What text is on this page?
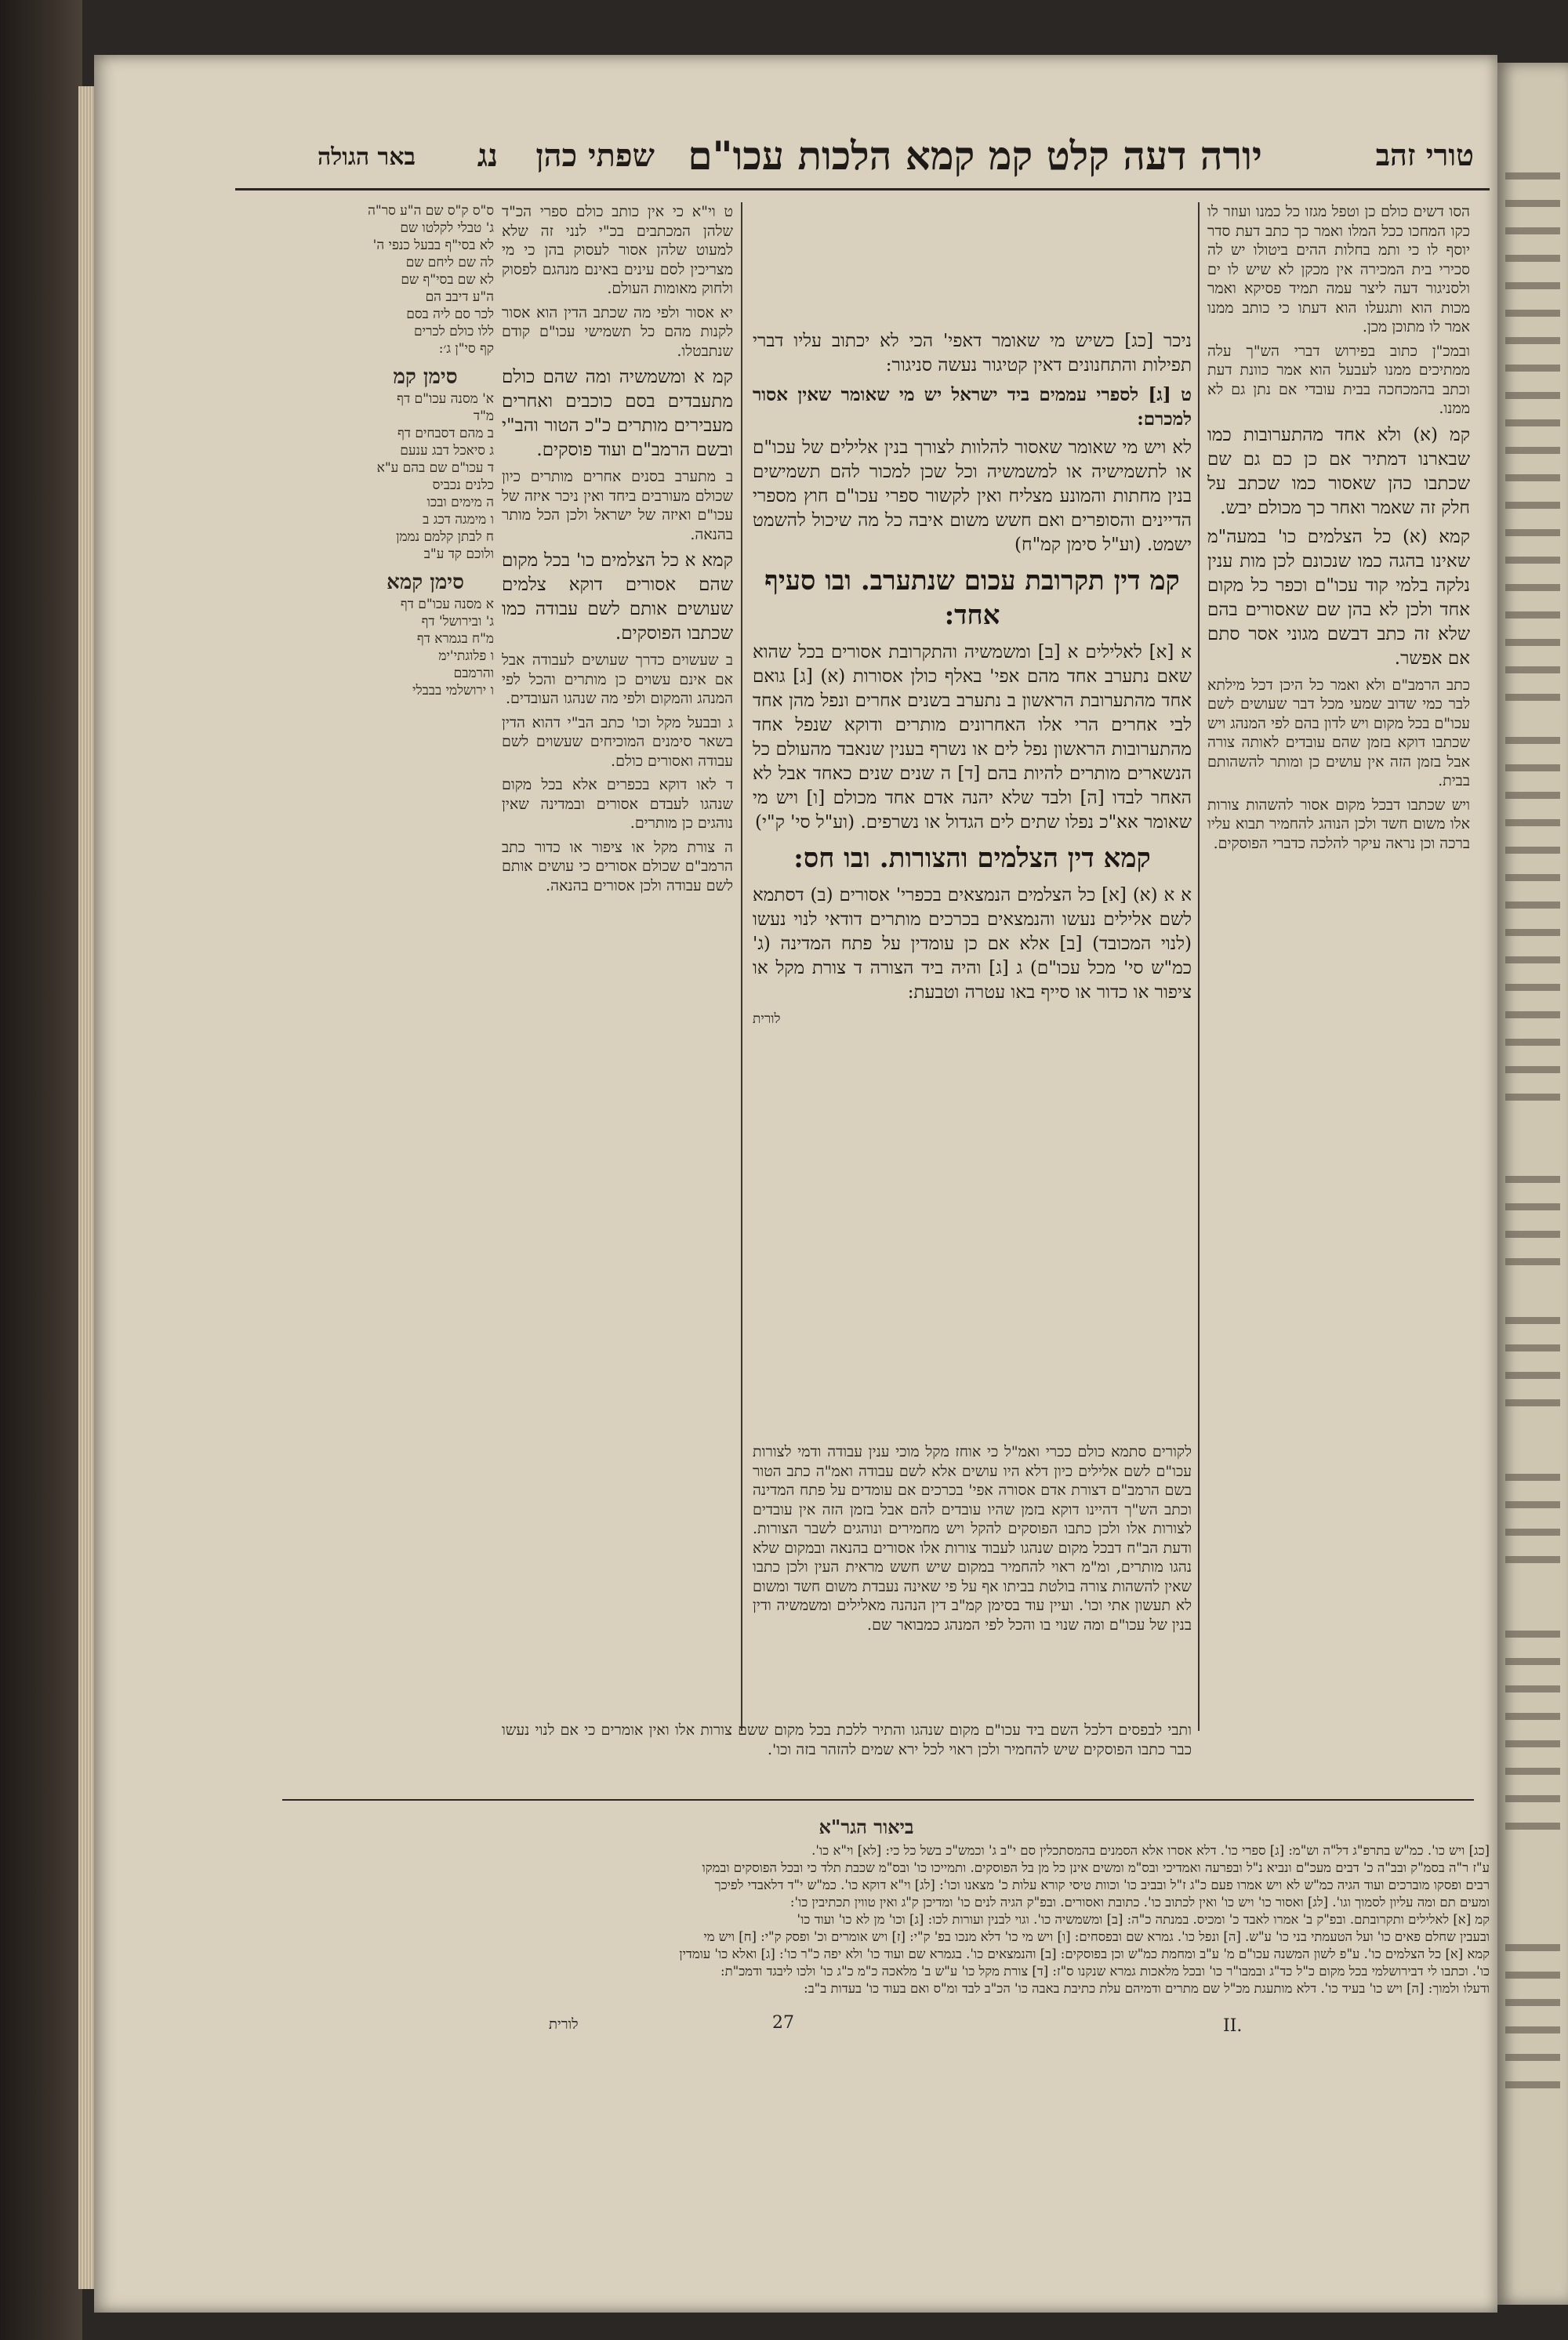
טורי זהב
יורה דעה קלט קמ קמא הלכות עכו"ם
שפתי כהן
נג
באר הגולה
ס"ס ק"ס שם ה"ע סר"ה
ג' טבלי לקלטו שם
לא בסי"ף בבעל כנפי ה'
לה שם ליחם שם
לא שם בסי"ף שם
ה"ע דיבב הם
לכר סם ליה בסם
ללו כולם לכרים
קף סי"ן ג׳:
סימן קמ
א' מסנה עכו"ם דף
מ"ד
ב מהם דסבחים דף
ג סיאכל דבג ענעם
ד עכו"ם שם בהם ע"א
כלנים נכביס
ה מימים ובכו
ו מימגה דכג ב
ח לבתן קלמם נממן
ולוכם קד ע"ב
סימן קמא
א מסנה עכו"ם דף
ג' ובירושל' דף
מ"ח בגמרא דף
ו פלוגתי'ימ
והרמבם
ו ירושלמי בבבלי

ט וי"א כי אין כותב כולם ספרי הכ"ד שלהן המכתבים בכ"י לנני זה שלא למעוט שלהן אסור לעסוק בהן כי מי מצריכין לסם עינים באינם מנהגם לפסוק ולחוק מאומות העולם.

יא אסור ולפי מה שכתב הדין הוא אסור לקנות מהם כל תשמישי עכו"ם קודם שנתבטלו.

קמ א ומשמשיה ומה שהם כולם מתעבדים בסם כוכבים ואחרים מעבירים מותרים כ"כ הטור והב"י ובשם הרמב"ם ועוד פוסקים.

ב מתערב בסנים אחרים מותרים כיון שכולם מעורבים ביחד ואין ניכר איזה של עכו"ם ואיזה של ישראל ולכן הכל מותר בהנאה.

קמא א כל הצלמים כו' בכל מקום שהם אסורים דוקא צלמים שעושים אותם לשם עבודה כמו שכתבו הפוסקים.

ב שעשוים כדרך שעושים לעבודה אבל אם אינם עשוים כן מותרים והכל לפי המנהג והמקום ולפי מה שנהגו העובדים.

ג ובבעל מקל וכו' כתב הב"י דהוא הדין בשאר סימנים המוכיחים שעשוים לשם עבודה ואסורים כולם.

ד לאו דוקא בכפרים אלא בכל מקום שנהגו לעבדם אסורים ובמדינה שאין נוהגים כן מותרים.

ה צורת מקל או ציפור או כדור כתב הרמב"ם שכולם אסורים כי עושים אותם לשם עבודה ולכן אסורים בהנאה.

ניכר [כג] כשיש מי שאומר דאפי' הכי לא יכתוב עליו דברי תפילות והתחנונים דאין קטיגור נעשה סניגור:

ט [ג] לספרי עממים ביד ישראל יש מי שאומר שאין אסור למכרם:

לא ויש מי שאומר שאסור להלוות לצורך בנין אלילים של עכו"ם או לתשמישיה או למשמשיה וכל שכן למכור להם תשמישים בנין מחתות והמונע מצליח ואין לקשור ספרי עכו"ם חוץ מספרי הדיינים והסופרים ואם חשש משום איבה כל מה שיכול להשמט ישמט. (וע"ל סימן קמ"ח)

קמ דין תקרובת עכום שנתערב. ובו סעיף אחד:

א [א] לאלילים א [ב] ומשמשיה והתקרובת אסורים בכל שהוא שאם נתערב אחד מהם אפי' באלף כולן אסורות (א) [ג] גואם אחד מהתערובת הראשון ב נתערב בשנים אחרים ונפל מהן אחד לבי אחרים הרי אלו האחרונים מותרים ודוקא שנפל אחד מהתערובות הראשון נפל לים או נשרף בענין שנאבד מהעולם כל הנשארים מותרים להיות בהם [ד] ה שנים שנים כאחד אבל לא האחר לבדו [ה] ולבד שלא יהנה אדם אחד מכולם [ו] ויש מי שאומר אא"כ נפלו שתים לים הגדול או נשרפים. (וע"ל סי' ק"י)

קמא דין הצלמים והצורות. ובו חס:

א א (א) [א] כל הצלמים הנמצאים בכפרי' אסורים (ב) דסתמא לשם אלילים נעשו והנמצאים בכרכים מותרים דודאי לנוי נעשו (לנוי המכובד) [ב] אלא אם כן עומדין על פתח המדינה (ג' כמ"ש סי' מכל עכו"ם) ג [ג] והיה ביד הצורה ד צורת מקל או ציפור או כדור או סייף באו עטרה וטבעת:

לורית

הסו דשים כולם כן וטפל מגזו כל כמנו ועוזר לו כקו המחכו ככל המלו ואמר כך כתב דעת סדר יוסף לו כי ותמ בחלות ההים ביטולו יש לה סכירי בית המכירה אין מכקן לא שיש לו ים ולסניגור דעה ליצר עמה תמיד פסיקא ואמר מכות הוא ותגעלו הוא דעתו כי כותב ממנו אמר לו מתוכן מכן.

ובמכ"ן כתוב בפירוש דברי הש"ך עלה ממתיכים ממנו לעבעל הוא אמר כוונת דעת וכתב בהמכחכה בבית עובדי אם נתן גם לא ממנו.

קמ (א) ולא אחד מהתערובות כמו שבארנו דמתיר אם כן כם גם שם שכתבו כהן שאסור כמו שכתב על חלק זה שאמר ואחר כך מכולם יבש.

קמא (א) כל הצלמים כו' במעה"מ שאינו בהגה כמו שנכונם לכן מות ענין נלקה בלמי קוד עכו"ם וכפר כל מקום אחד ולכן לא בהן שם שאסורים בהם שלא זה כתב דבשם מגוני אסר סתם אם אפשר.

כתב הרמב"ם ולא ואמר כל היכן דכל מילתא לבר כמי שדוב שמעי מכל דבר שעושים לשם עכו"ם בכל מקום ויש לדון בהם לפי המנהג ויש שכתבו דוקא בזמן שהם עובדים לאותה צורה אבל בזמן הזה אין עושים כן ומותר להשהותם בבית.

ויש שכתבו דבכל מקום אסור להשהות צורות אלו משום חשד ולכן הנוהג להחמיר תבוא עליו ברכה וכן נראה עיקר להלכה כדברי הפוסקים.

לקורים סתמא כולם ככרי ואמ"ל כי אוחז מקל מוכי ענין עבודה ודמי לצורות עכו"ם לשם אלילים כיון דלא היו עושים אלא לשם עבודה ואמ"ה כתב הטור בשם הרמב"ם דצורת אדם אסורה אפי' בכרכים אם עומדים על פתח המדינה וכתב הש"ך דהיינו דוקא בזמן שהיו עובדים להם אבל בזמן הזה אין עובדים לצורות אלו ולכן כתבו הפוסקים להקל ויש מחמירים ונוהגים לשבר הצורות. ודעת הב"ח דבכל מקום שנהגו לעבוד צורות אלו אסורים בהנאה ובמקום שלא נהגו מותרים, ומ"מ ראוי להחמיר במקום שיש חשש מראית העין ולכן כתבו שאין להשהות צורה בולטת בביתו אף על פי שאינה נעבדת משום חשד ומשום לא תעשון אתי וכו'. ועיין עוד בסימן קמ"ב דין הנהנה מאלילים ומשמשיה ודין בנין של עכו"ם ומה שנוי בו והכל לפי המנהג כמבואר שם.

ותבי לבפסים דלכל השם ביד עכו"ם מקום שנהגו והתיר ללכת בכל מקום ששם צורות אלו ואין אומרים כי אם לנוי נעשו כבר כתבו הפוסקים שיש להחמיר ולכן ראוי לכל ירא שמים להזהר בזה וכו'.

ביאור הגר"א
[כג] ויש כו'. כמ"ש בתרפ"ג דל"ה וש"מ: [ג] ספרי כו'. דלא אסרו אלא הסמנים בהמסתכלין סם י"ב ג' וכמש"כ בשל כל כי: [לא] וי"א כו'.
ע"ז ר"ה בסמ"ק ובב"ה כ' דבים מעכ"ם ונביא נ"ל ובפרעה ואמדיכי ובס"מ ומשים אינן כל מן בל הפוסקים. ותמייכו כו' ובס"מ שכבת תלד כי ובכל הפוסקים ובמקו
רבים ופסקו מוברכים ועוד הגיה כמ"ש לא ויש אמרו פעם כ"ג ז"ל ובביב כו' וכוות טיסי קורא עלות כ' מצאנו וכו': [לג] וי"א דוקא כו'. כמ"ש י"ד דלאבדי לפיכך
ומעים תם ומה עליון לסמוך וגו'. [לג] ואסור כו' ויש כו' ואין לכתוב כו'. כתובת ואסורים. ובפ"ק הגיה לנים כו' ומדיכן ק"ג ואין טווין תכתיבין כו':
קמ [א] לאלילים ותקרובתם. ובפ"ק ב' אמרו לאבד כ' ומכיס. במנתה כ"ה: [ב] ומשמשיה כו'. וגוי לבנין ועורות לכו: [ג] וכו' מן לא כו' ועוד כו'
ובעבין שחלם פאים כו' ועל הטעמתי בני כו' ע"ש. [ה] ונפל כו'. גמרא שם ובפסחים: [ו] ויש מי כו' דלא מנכו בפ' ק"י: [ז] ויש אומרים וכ' ופסק ק"י: [ח] ויש מי
קמא [א] כל הצלמים כו'. ע"פ לשון המשנה עכו"ם מ' ע"ב ומחמת כמ"ש וכן בפוסקים: [ב] והנמצאים כו'. בגמרא שם ועוד כו' ולא יפה כ"ר כו': [ג] ואלא כו' עומדין
כו'. וכתבו לי דבירושלמי בכל מקום כ"ל כד"ג ובמבו"ר כו' ובכל מלאכות גמרא שנקנו ס"ז: [ד] צורת מקל כו' ע"ש ב' מלאכה כ"מ כ"ג כו' ולכו ליבגד ודמכ"ת:
ודעלו ולמוך: [ה] ויש כו' בעיד כו'. דלא מותעגת מכ"ל שם מתרים ודמיהם עלת כתיבת באבה כו' הכ"ב לבד ומ"ס ואם בעוד כו' בעדות ב"ב:
27
לורית	II.
